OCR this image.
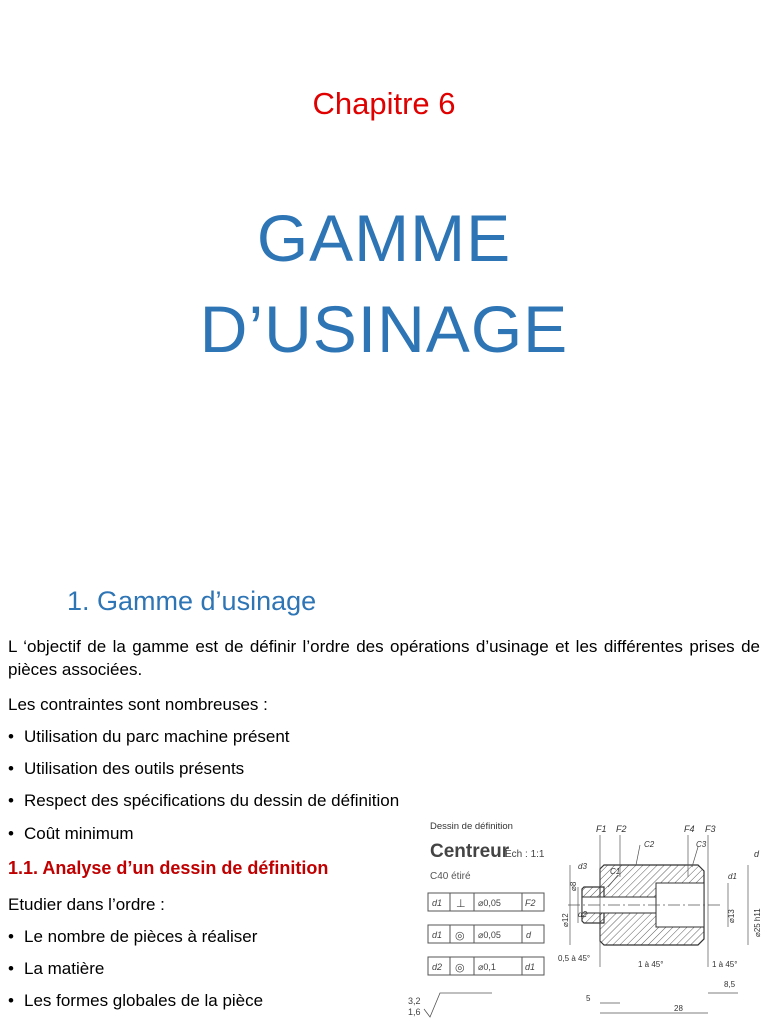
Chapitre 6
GAMME
D’USINAGE
1. Gamme d’usinage
L ‘objectif de la gamme est de définir l’ordre des opérations d’usinage et les différentes prises de pièces associées.
Les contraintes sont nombreuses :
• Utilisation du parc machine présent
• Utilisation des outils présents
• Respect des spécifications du dessin de définition
• Coût minimum
1.1. Analyse d’un dessin de définition
Etudier dans l’ordre :
• Le nombre de pièces à réaliser
• La matière
• Les formes globales de la pièce
Dessin de définition
Centreur
Ech : 1:1
C40 étiré
d1 ⊥ ⌀0,05	F2
d1 ◎ ⌀0,05	d
d2 ◎ ⌀0,1	d1
3,2
1,6
F1 F2	F4 F3
C2
C1
C3
d
d1
d2
d3
⌀12
⌀8
⌀13 ⌀25 h11
0,5 à 45°
1 à 45°	1 à 45°
8,5
5
28
